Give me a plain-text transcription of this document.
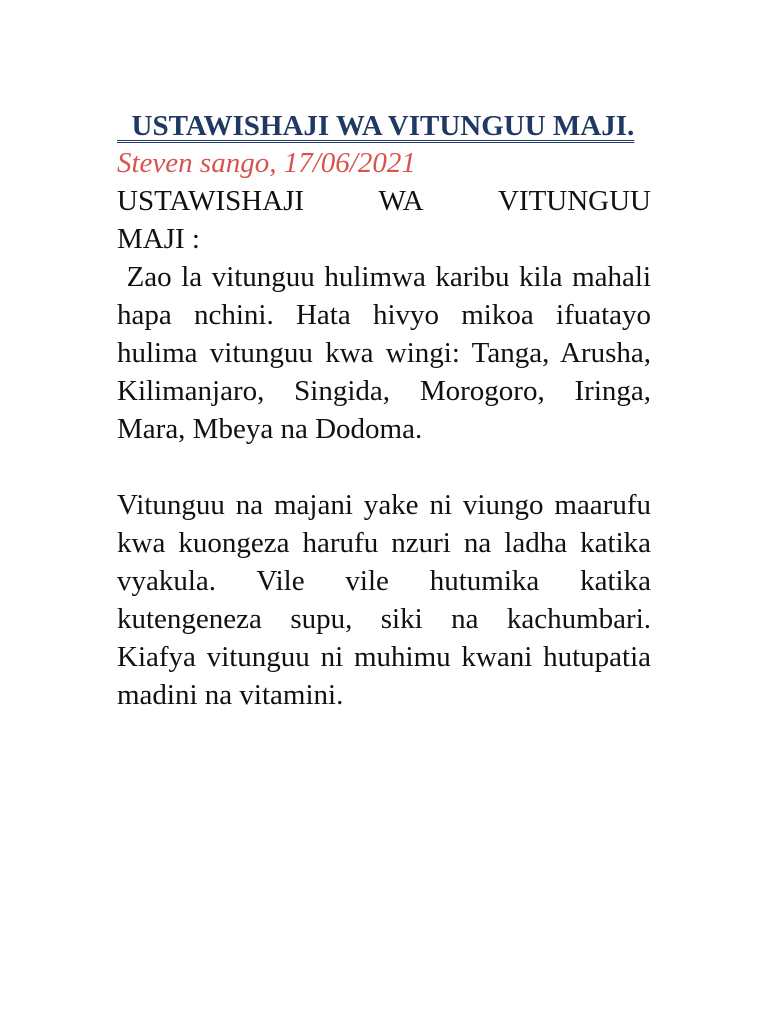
USTAWISHAJI WA VITUNGUU MAJI.

Steven sango, 17/06/2021

USTAWISHAJI	WA	VITUNGUU
MAJI :

Zao la vitunguu hulimwa karibu kila mahali hapa nchini. Hata hivyo mikoa ifuatayo hulima vitunguu kwa wingi: Tanga, Arusha, Kilimanjaro, Singida, Morogoro, Iringa, Mara, Mbeya na Dodoma.

Vitunguu na majani yake ni viungo maarufu kwa kuongeza harufu nzuri na ladha katika vyakula. Vile vile hutumika katika kutengeneza supu, siki na kachumbari. Kiafya vitunguu ni muhimu kwani hutupatia madini na vitamini.
